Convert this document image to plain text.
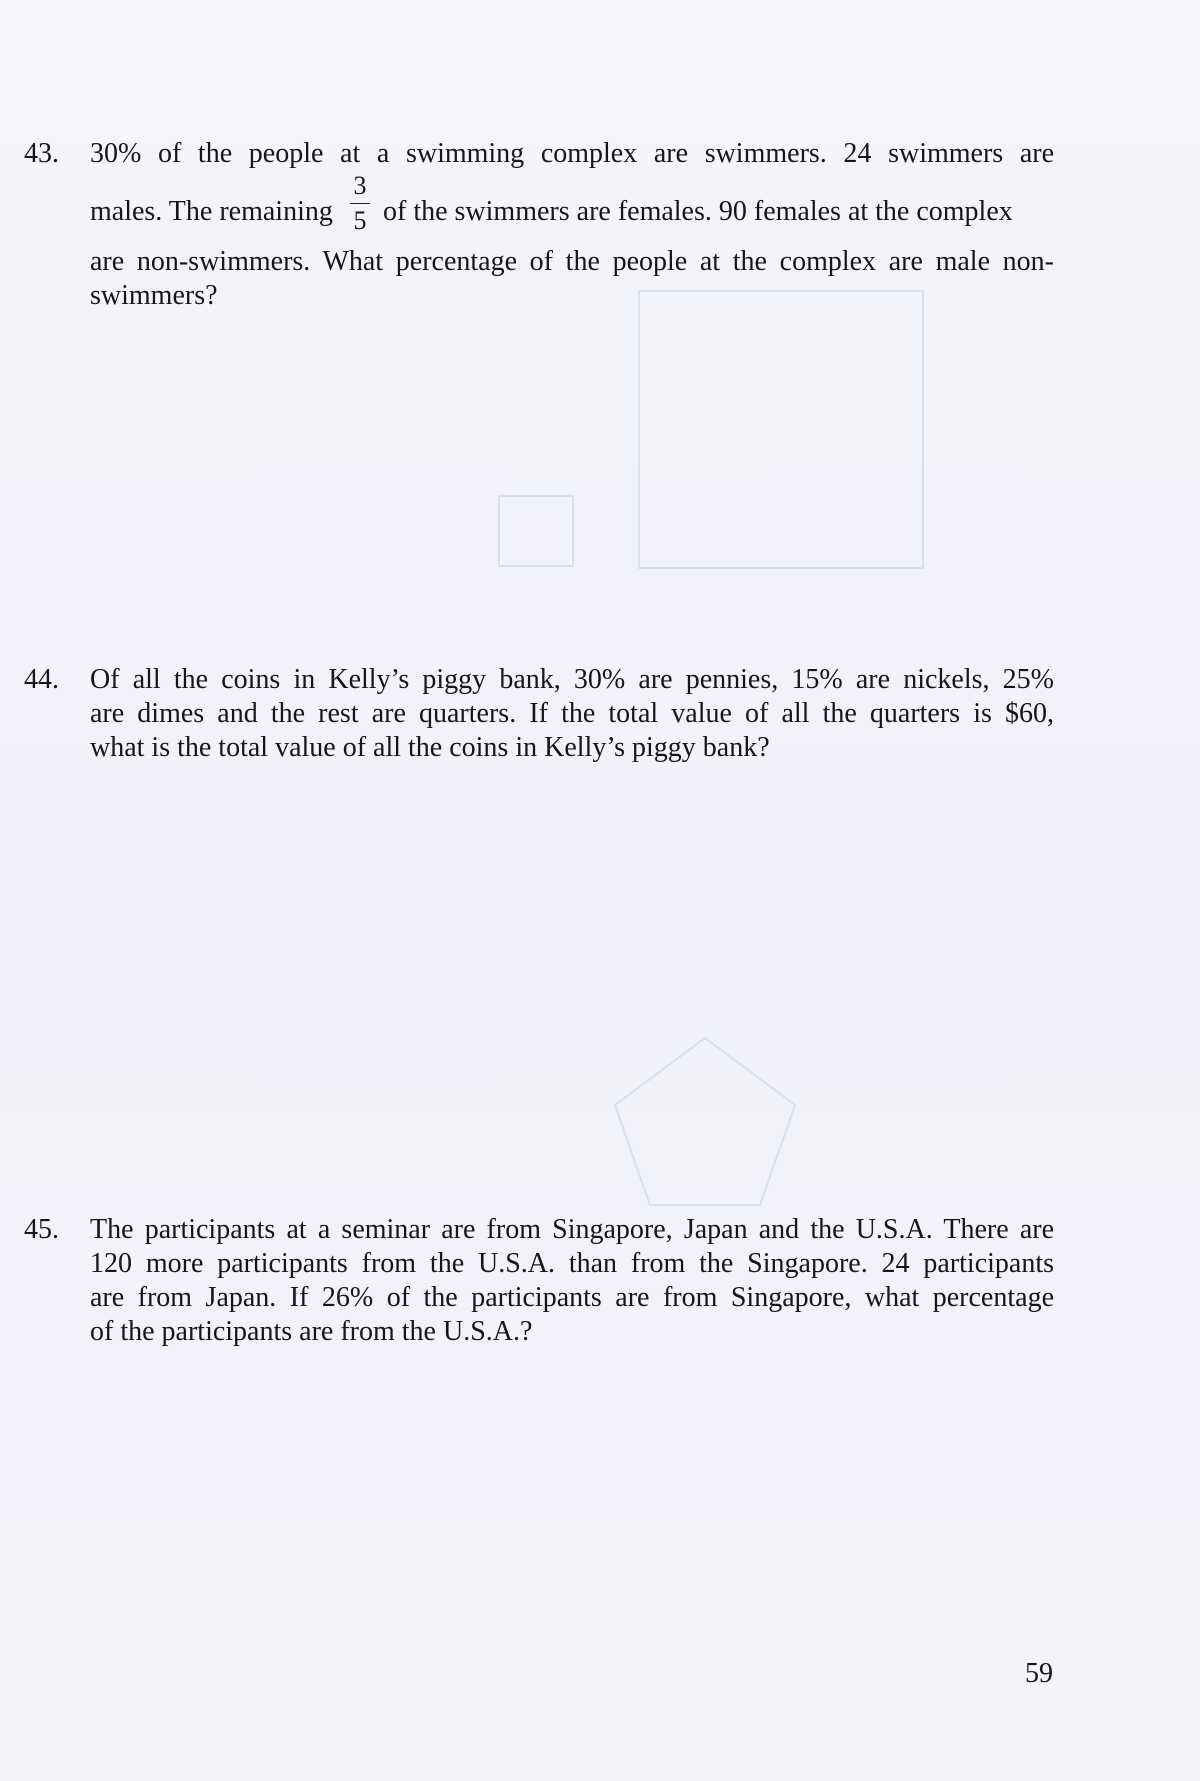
43.	30% of the people at a swimming complex are swimmers. 24 swimmers are

males. The remaining
3
5 of the swimmers are females. 90 females at the complex

are non-swimmers. What percentage of the people at the complex are male non-

swimmers?

44.	Of all the coins in Kelly’s piggy bank, 30% are pennies, 15% are nickels, 25%

are dimes and the rest are quarters. If the total value of all the quarters is $60,

what is the total value of all the coins in Kelly’s piggy bank?

45.	The participants at a seminar are from Singapore, Japan and the U.S.A. There are

120 more participants from the U.S.A. than from the Singapore. 24 participants

are from Japan. If 26% of the participants are from Singapore, what percentage

of the participants are from the U.S.A.?

59
